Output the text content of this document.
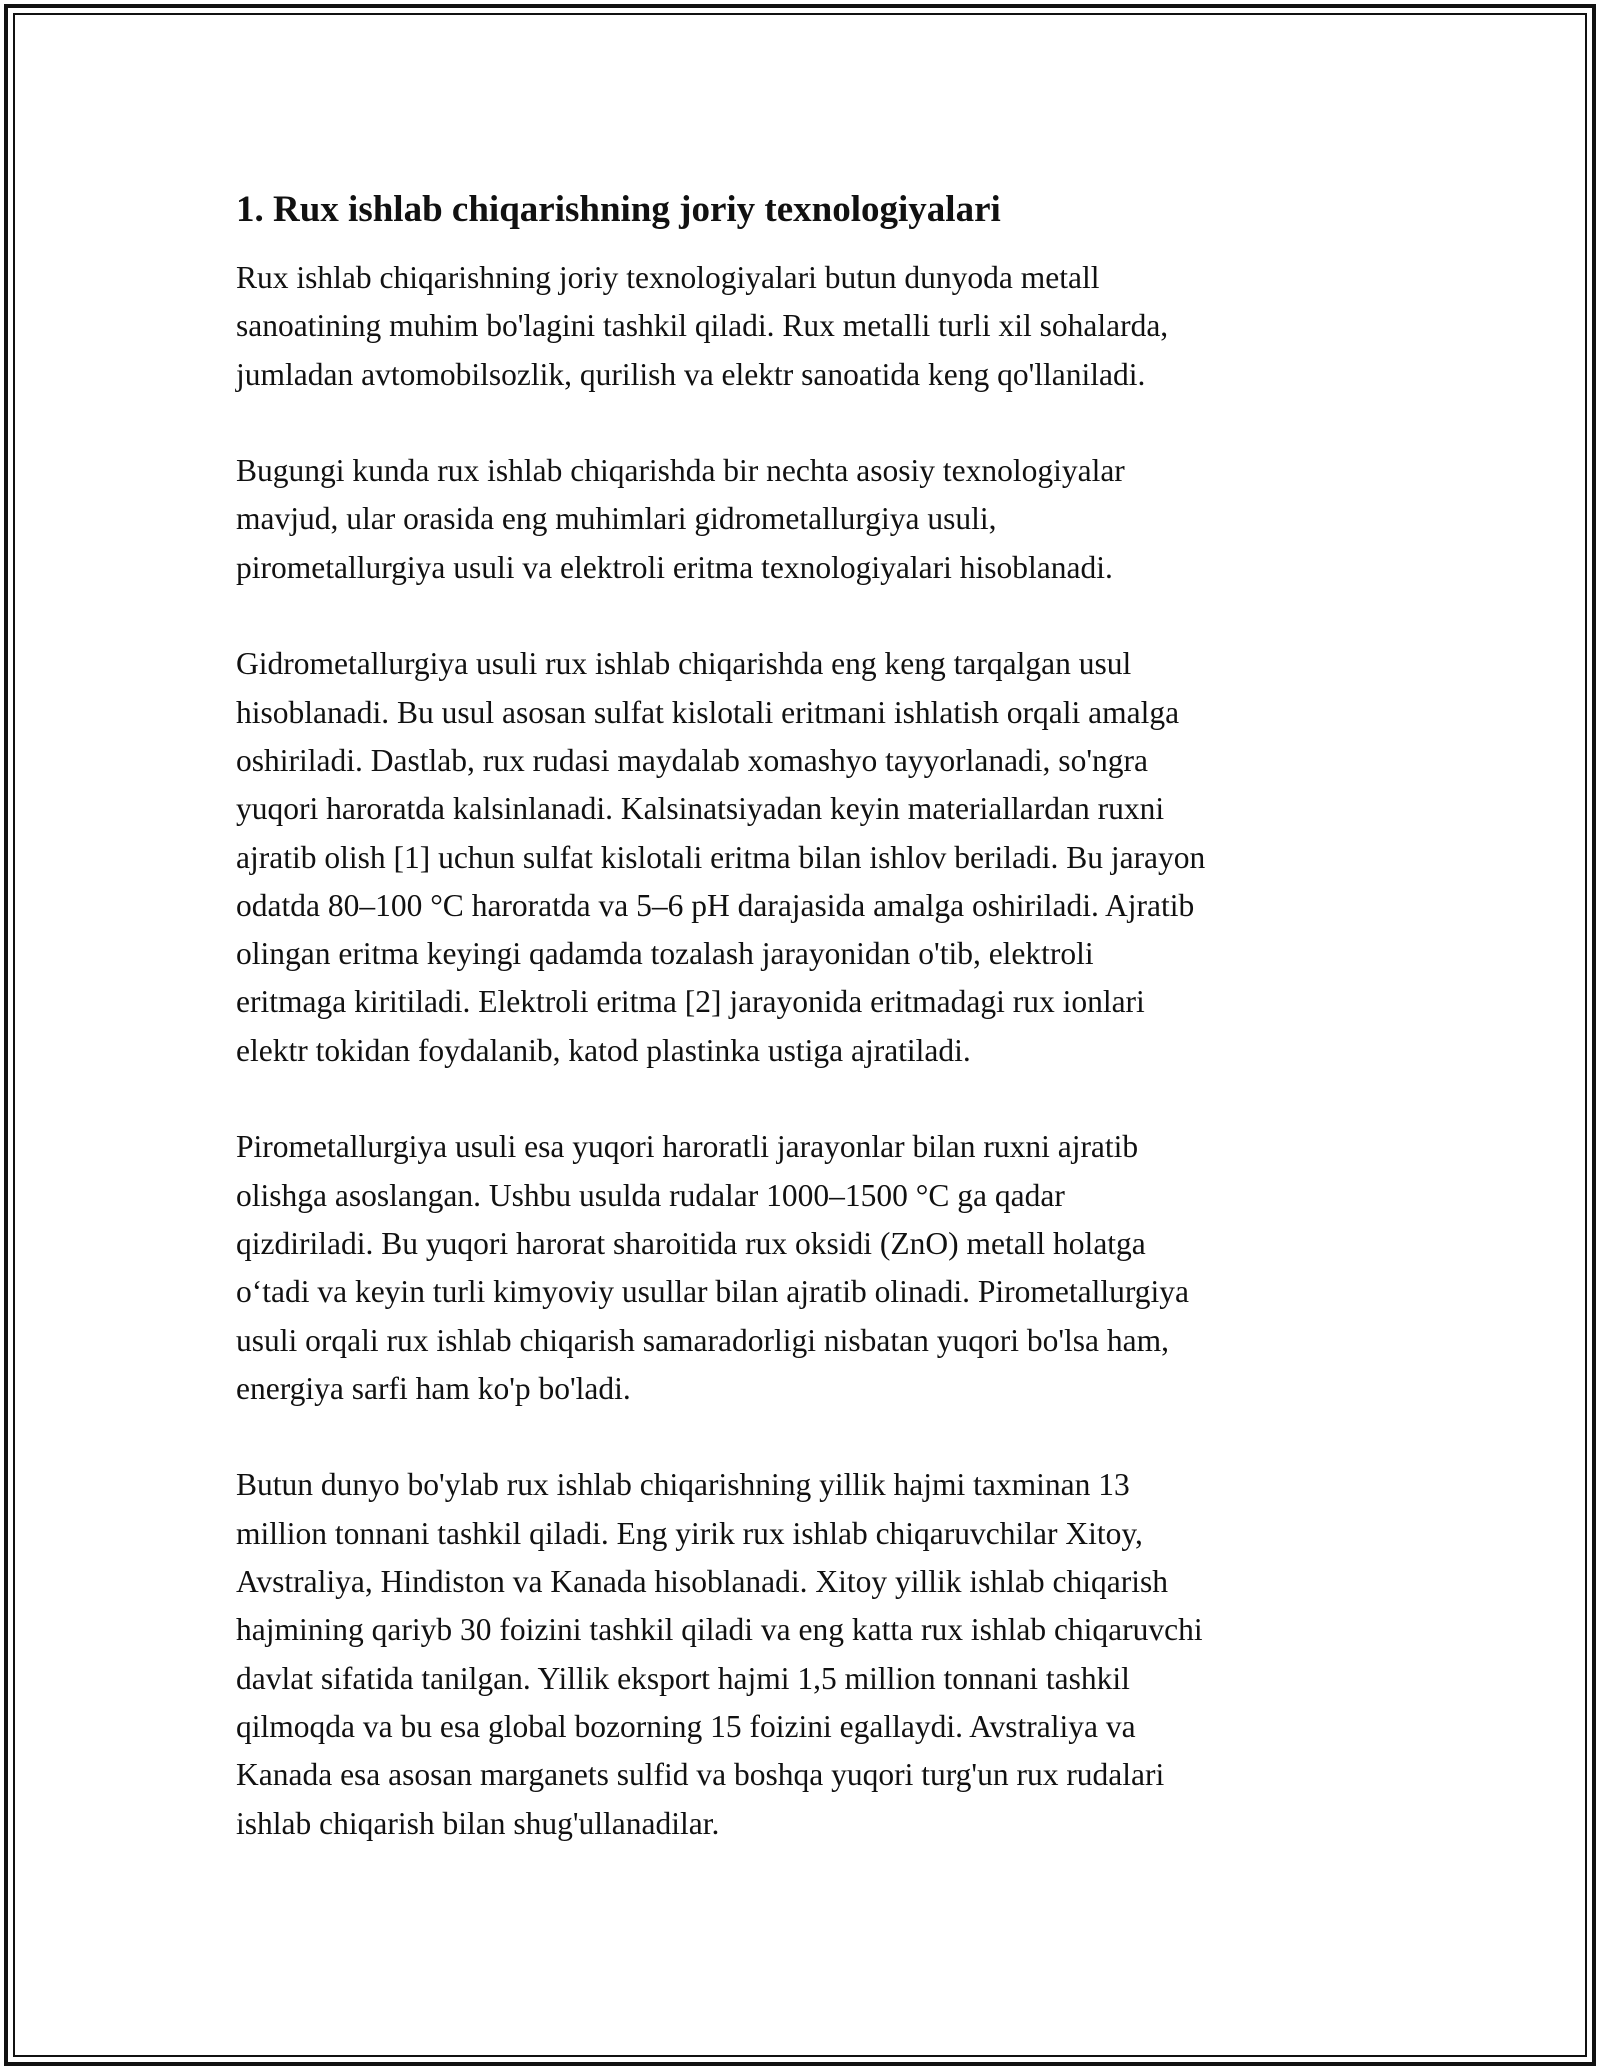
1. Rux ishlab chiqarishning joriy texnologiyalari

Rux ishlab chiqarishning joriy texnologiyalari butun dunyoda metall
sanoatining muhim bo'lagini tashkil qiladi. Rux metalli turli xil sohalarda,
jumladan avtomobilsozlik, qurilish va elektr sanoatida keng qo'llaniladi.

Bugungi kunda rux ishlab chiqarishda bir nechta asosiy texnologiyalar
mavjud, ular orasida eng muhimlari gidrometallurgiya usuli,
pirometallurgiya usuli va elektroli eritma texnologiyalari hisoblanadi.

Gidrometallurgiya usuli rux ishlab chiqarishda eng keng tarqalgan usul
hisoblanadi. Bu usul asosan sulfat kislotali eritmani ishlatish orqali amalga
oshiriladi. Dastlab, rux rudasi maydalab xomashyo tayyorlanadi, so'ngra
yuqori haroratda kalsinlanadi. Kalsinatsiyadan keyin materiallardan ruxni
ajratib olish [1] uchun sulfat kislotali eritma bilan ishlov beriladi. Bu jarayon
odatda 80–100 °C haroratda va 5–6 pH darajasida amalga oshiriladi. Ajratib
olingan eritma keyingi qadamda tozalash jarayonidan o'tib, elektroli
eritmaga kiritiladi. Elektroli eritma [2] jarayonida eritmadagi rux ionlari
elektr tokidan foydalanib, katod plastinka ustiga ajratiladi.

Pirometallurgiya usuli esa yuqori haroratli jarayonlar bilan ruxni ajratib
olishga asoslangan. Ushbu usulda rudalar 1000–1500 °C ga qadar
qizdiriladi. Bu yuqori harorat sharoitida rux oksidi (ZnO) metall holatga
o‘tadi va keyin turli kimyoviy usullar bilan ajratib olinadi. Pirometallurgiya
usuli orqali rux ishlab chiqarish samaradorligi nisbatan yuqori bo'lsa ham,
energiya sarfi ham ko'p bo'ladi.

Butun dunyo bo'ylab rux ishlab chiqarishning yillik hajmi taxminan 13
million tonnani tashkil qiladi. Eng yirik rux ishlab chiqaruvchilar Xitoy,
Avstraliya, Hindiston va Kanada hisoblanadi. Xitoy yillik ishlab chiqarish
hajmining qariyb 30 foizini tashkil qiladi va eng katta rux ishlab chiqaruvchi
davlat sifatida tanilgan. Yillik eksport hajmi 1,5 million tonnani tashkil
qilmoqda va bu esa global bozorning 15 foizini egallaydi. Avstraliya va
Kanada esa asosan marganets sulfid va boshqa yuqori turg'un rux rudalari
ishlab chiqarish bilan shug'ullanadilar.
